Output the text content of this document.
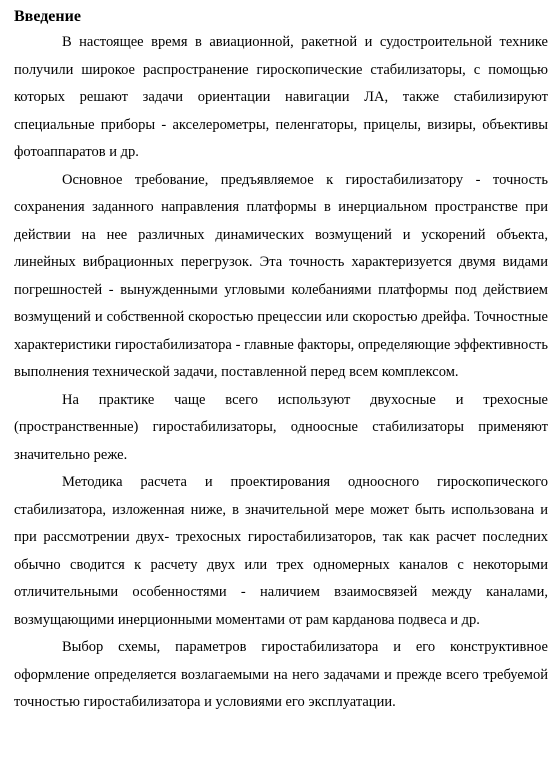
Введение

В настоящее время в авиационной, ракетной и судостроительной технике получили широкое распространение гироскопические стабилизаторы, с помощью которых решают задачи ориентации навигации ЛА, также стабилизируют специальные приборы - акселерометры, пеленгаторы, прицелы, визиры, объективы фотоаппаратов и др.

Основное требование, предъявляемое к гиростабилизатору - точность сохранения заданного направления платформы в инерциальном пространстве при действии на нее различных динамических возмущений и ускорений объекта, линейных вибрационных перегрузок. Эта точность характеризуется двумя видами погрешностей - вынужденными угловыми колебаниями платформы под действием возмущений и собственной скоростью прецессии или скоростью дрейфа. Точностные характеристики гиростабилизатора - главные факторы, определяющие эффективность выполнения технической задачи, поставленной перед всем комплексом.

На практике чаще всего используют двухосные и трехосные (пространственные) гиростабилизаторы, одноосные стабилизаторы применяют значительно реже.

Методика расчета и проектирования одноосного гироскопического стабилизатора, изложенная ниже, в значительной мере может быть использована и при рассмотрении двух- трехосных гиростабилизаторов, так как расчет последних обычно сводится к расчету двух или трех одномерных каналов с некоторыми отличительными особенностями - наличием взаимосвязей между каналами, возмущающими инерционными моментами от рам карданова подвеса и др.

Выбор схемы, параметров гиростабилизатора и его конструктивное оформление определяется возлагаемыми на него задачами и прежде всего требуемой точностью гиростабилизатора и условиями его эксплуатации.
